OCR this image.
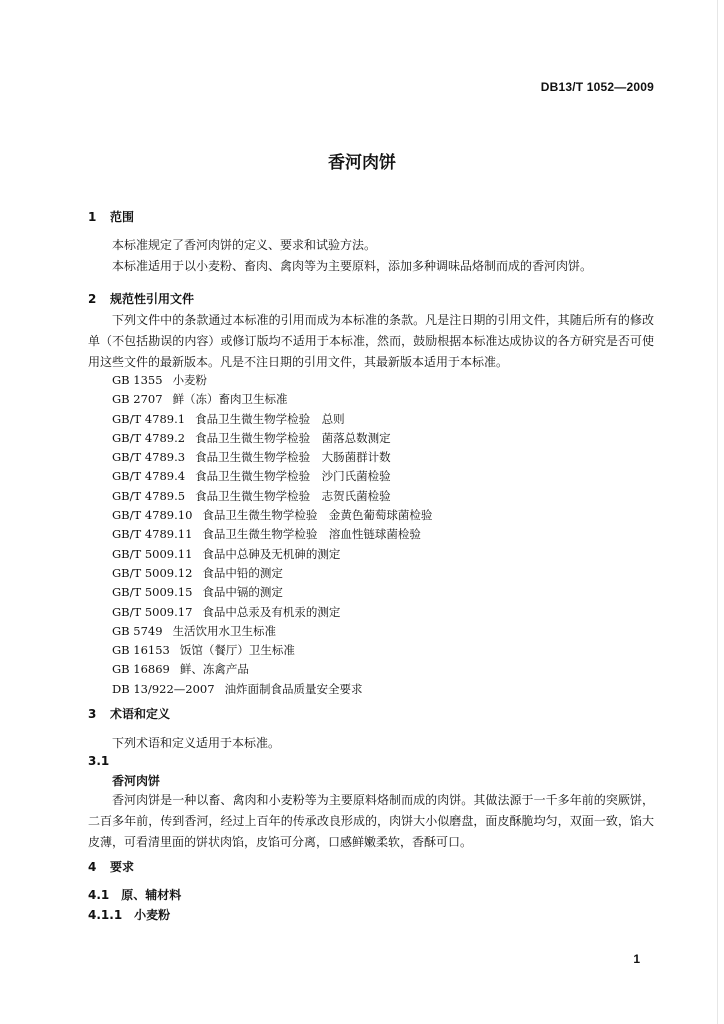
DB13/T 1052—2009
香河肉饼
1 范围
本标准规定了香河肉饼的定义、要求和试验方法。
本标准适用于以小麦粉、畜肉、禽肉等为主要原料，添加多种调味品烙制而成的香河肉饼。
2 规范性引用文件
下列文件中的条款通过本标准的引用而成为本标准的条款。凡是注日期的引用文件，其随后所有的修改单（不包括勘误的内容）或修订版均不适用于本标准，然而，鼓励根据本标准达成协议的各方研究是否可使用这些文件的最新版本。凡是不注日期的引用文件，其最新版本适用于本标准。
GB 1355 小麦粉
GB 2707 鲜（冻）畜肉卫生标准
GB/T 4789.1 食品卫生微生物学检验　总则
GB/T 4789.2 食品卫生微生物学检验　菌落总数测定
GB/T 4789.3 食品卫生微生物学检验　大肠菌群计数
GB/T 4789.4 食品卫生微生物学检验　沙门氏菌检验
GB/T 4789.5 食品卫生微生物学检验　志贺氏菌检验
GB/T 4789.10 食品卫生微生物学检验　金黄色葡萄球菌检验
GB/T 4789.11 食品卫生微生物学检验　溶血性链球菌检验
GB/T 5009.11 食品中总砷及无机砷的测定
GB/T 5009.12 食品中铅的测定
GB/T 5009.15 食品中镉的测定
GB/T 5009.17 食品中总汞及有机汞的测定
GB 5749 生活饮用水卫生标准
GB 16153 饭馆（餐厅）卫生标准
GB 16869 鲜、冻禽产品
DB 13/922—2007 油炸面制食品质量安全要求
3 术语和定义
下列术语和定义适用于本标准。
3.1
香河肉饼
香河肉饼是一种以畜、禽肉和小麦粉等为主要原料烙制而成的肉饼。其做法源于一千多年前的突厥饼，二百多年前，传到香河，经过上百年的传承改良形成的，肉饼大小似磨盘，面皮酥脆均匀，双面一致，馅大皮薄，可看清里面的饼状肉馅，皮馅可分离，口感鲜嫩柔软，香酥可口。
4 要求
4.1　原、辅材料
4.1.1　小麦粉
1
